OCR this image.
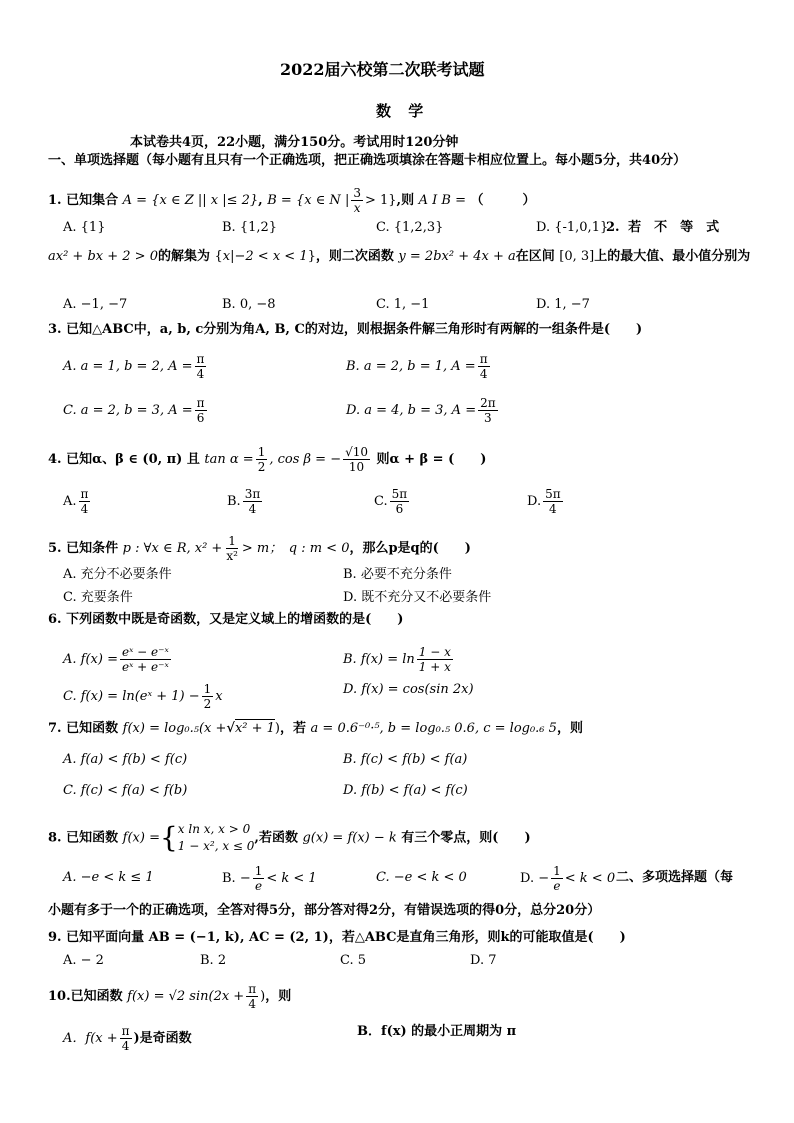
2022届六校第二次联考试题
数 学
本试卷共4页，22小题，满分150分。考试用时120分钟
一、单项选择题（每小题有且只有一个正确选项，把正确选项填涂在答题卡相应位置上。每小题5分，共40分）
1. 已知集合 A = {x ∈ Z || x |≤ 2}, B = {x ∈ N | $\frac{3}{x} > 1$},则 A I B = （　　　）
A. {1}	B. {1,2}	C. {1,2,3}	D. {-1,0,1}
2. 若　不　等　式
ax² + bx + 2 > 0的解集为 {x|−2 < x < 1}，则二次函数 y = 2bx² + 4x + a在区间 [0, 3]上的最大值、最小值分别为
A. −1, −7	B. 0, −8	C. 1, −1	D. 1, −7
3. 已知△ABC中，a, b, c分别为角A, B, C的对边，则根据条件解三角形时有两解的一组条件是(　　)
A. a = 1, b = 2, $A = \frac{\pi}{4}$	B. a = 2, b = 1, $A = \frac{\pi}{4}$
C. a = 2, b = 3, $A = \frac{\pi}{6}$	D. a = 4, b = 3, $A = \frac{2\pi}{3}$
4. 已知α、β ∈ (0, π) 且 $\tan \alpha = \frac{1}{2}$ , cos β = − $\frac{√10}{10}$ 则α + β = (　　)
A. $\frac{\pi}{4}$	B. $\frac{3\pi}{4}$	C. $\frac{5\pi}{6}$	D. $\frac{5\pi}{4}$
5. 已知条件 p : ∀x ∈ R, $x^2 + \frac{1}{\text{x²}} > m$；　q : m < 0，那么p是q的(　　)
A. 充分不必要条件	B. 必要不充分条件
C. 充要条件	D. 既不充分又不必要条件
6. 下列函数中既是奇函数，又是定义域上的增函数的是(　　)
A. $f(x) = \frac{\text{eˣ − e⁻ˣ}}{\text{eˣ + e⁻ˣ}}$	B. $f(x) = \ln \frac{1 - x}{1 + x}$
C. f(x) = ln(eˣ + $1) - \frac{1}{2}$ x	D. f(x) = cos(sin 2x)
7. 已知函数 f(x) = log₀.₅(x +√x² + 1)，若 a = 0.6⁻⁰·⁵, b = log₀.₅ 0.6, c = log₀.₆ 5，则
A. f(a) < f(b) < f(c)	B. f(c) < f(b) < f(a)
C. f(c) < f(a) < f(b)	D. f(b) < f(a) < f(c)
8. 已知函数 f(x) ={ x ln x, x > 0
1 − x², x ≤ 0
,若函数 g(x) = f(x) − k 有三个零点，则(　　)
A. −e < k ≤ 1	B. − $\frac{1}{e} < k < 1$	C. −e < k < 0	D. − $\frac{1}{e} < k < 0$ 二、多项选择题（每
小题有多于一个的正确选项，全答对得5分，部分答对得2分，有错误选项的得0分，总分20分）
9. 已知平面向量 AB = (−1, k), AC = (2, 1)，若△ABC是直角三角形，则k的可能取值是(　　)
A. − 2	B. 2	C. 5	D. 7
10.已知函数 f(x) = √2 $\sin(2x + \frac{\pi}{4}$ )，则
A．$f(x + \frac{\pi}{4}$ )是奇函数	B．f(x) 的最小正周期为 π
